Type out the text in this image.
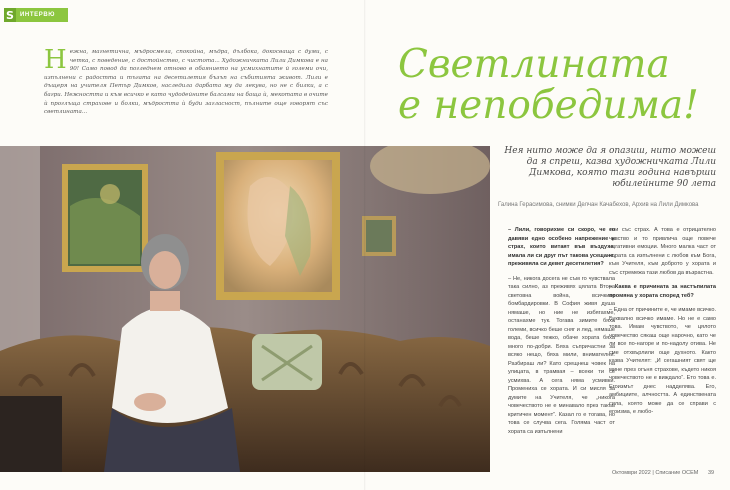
S	ИНТЕРВЮ
Н ежна, магнетична, мъдросмела, спокойна, мъдра, дълбока, докосваща с думи, с четка, с поведение, с достойнство, с чистота... Художничката Лили Димкова е на 90! Само повод да погледнем отново в обаянието на усмихнатите й големи очи, изпълнени с радостта и тъгата на десетилетия бъзъп на събитията живот. Лили е дъщеря на учителя Петър Димков, наследила дарбата му да лекува, но не с билки, а с багри. Нежността и към всичко е като чудодейните балсами на баща ѝ, мекотата в очите ѝ проглъща страхове и болки, мъдростта ѝ буди загласност, пълните още говорят със светлината...
Светлината
е непобедима!
Нея нито може да я опазиш, нито можеш да я спреш, казва художничката Лили Димкова, която тази година навърши юбилейните 90 лета
Галина Герасимова, снимки Делчан Качабехов, Архив на Лили Димкова

– Лили, говорихме си скоро, че го давяви едно особено напрежение и страх, които витаят във въздуха, имала ли си друг път такова усещане, преживяла си девет десетилетия?

– Не, никога досега не съм го чувствала така силно, аз преживях цялата Втора световна война, всичките бомбардировки. В София живя душа нямаше, но ние не избягахме, останахме тук. Тогава зимите бяха големи, всичко беше сняг и лед, нямаше вода, беше тежко, обаче хората бяха много по-добри. Бяха съпричастни за всяко нещо, бяха мили, внимателни. Разбираш ли? Като срещнеш човек на улицата, в трамвая – всеки ти се усмихва. А сега няма усмивки. Промениха се хората. И си мисля за думите на Учителя, че „никога човечеството не е минавало през такъв критичен момент“. Казал го е тогава, но това се случва сега. Голяма част от хората са изпълнени

ени със страх. А това е отрицателно чувство и то привлича още повече негативни емоции. Много малка част от хората са изпълнени с любов към Бога, към Учителя, към доброто у хората и със стремежа тази любов да възрастна.

– Каква е причината за настъпилата промяна у хората според теб?

– Една от причините е, че имаме всичко. Буквално всичко имаме. Но не е само това. Имам чувството, че цялото човечество сякаш още нарочно, като че ли все по-нагоре и по-надолу отива. Не сме отхвърлили още духното. Както казва Учителят: „И сегашният свят ще мине през огъня страхове, където никоя човечеството не е виждало“. Ето това е. Егоизмът днес надделява. Его, амбициите, алчността. А единствената сила, която може да се справи с егоизма, е любо-

Октомври 2022 | Списание ОСЕМ 39
